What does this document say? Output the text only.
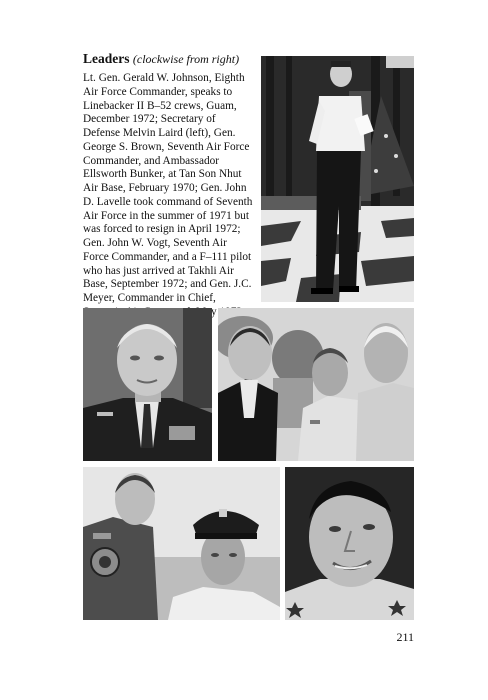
Leaders (clockwise from right)
Lt. Gen. Gerald W. Johnson, Eighth Air Force Commander, speaks to Linebacker II B–52 crews, Guam, December 1972; Secretary of Defense Melvin Laird (left), Gen. George S. Brown, Seventh Air Force Commander, and Ambassador Ellsworth Bunker, at Tan Son Nhut Air Base, February 1970; Gen. John D. Lavelle took command of Seventh Air Force in the summer of 1971 but was forced to resign in April 1972; Gen. John W. Vogt, Seventh Air Force Commander, and a F–111 pilot who has just arrived at Takhli Air Base, September 1972; and Gen. J.C. Meyer, Commander in Chief,
211
